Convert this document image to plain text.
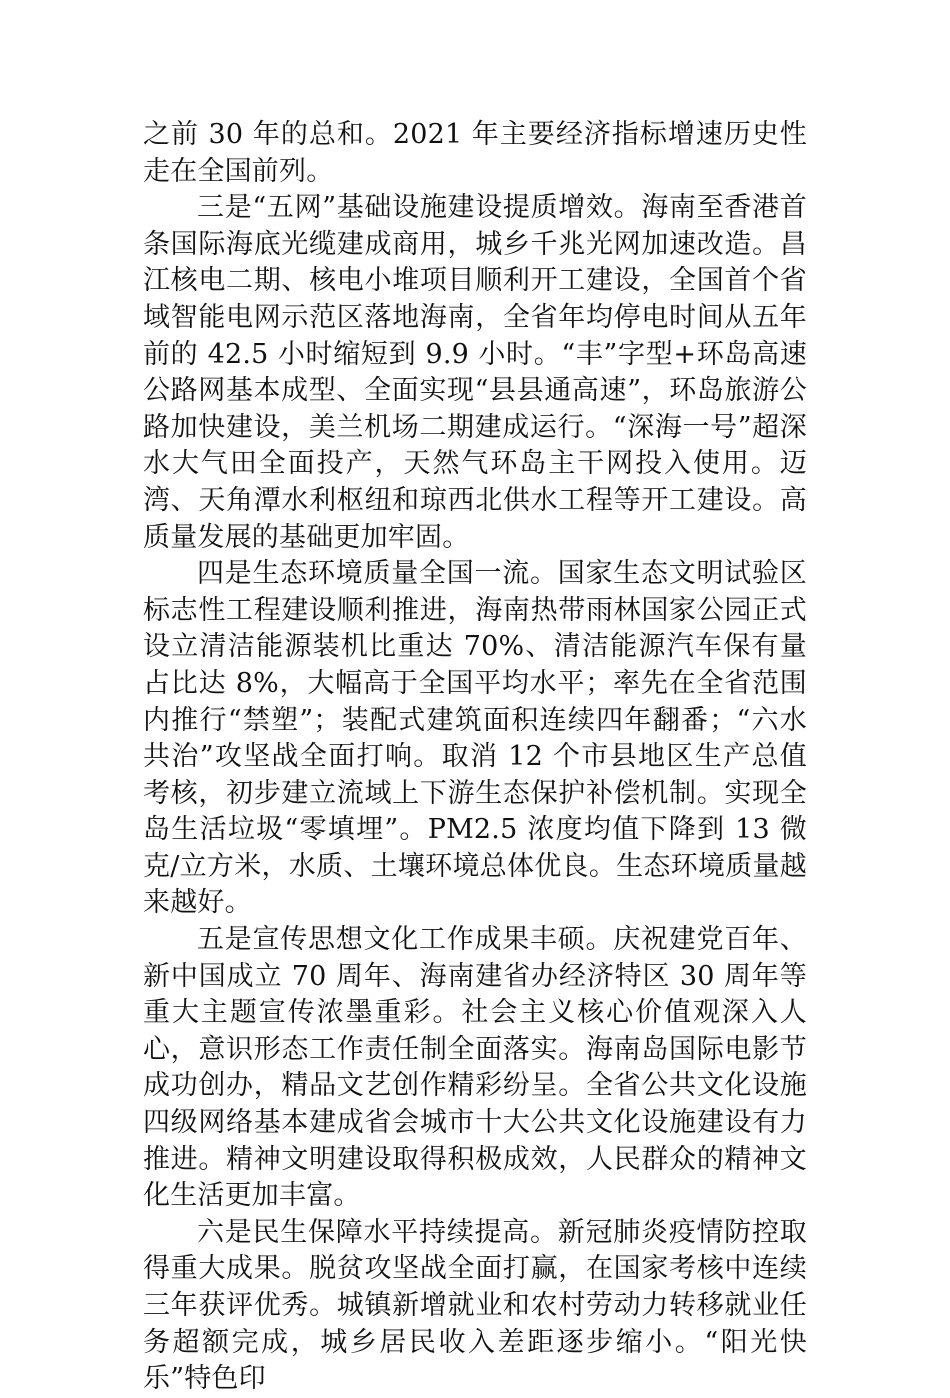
之前 30 年的总和。2021 年主要经济指标增速历史性走在全国前列。

三是“五网”基础设施建设提质增效。海南至香港首条国际海底光缆建成商用，城乡千兆光网加速改造。昌江核电二期、核电小堆项目顺利开工建设，全国首个省域智能电网示范区落地海南，全省年均停电时间从五年前的 42.5 小时缩短到 9.9 小时。“丰”字型+环岛高速公路网基本成型、全面实现“县县通高速”，环岛旅游公路加快建设，美兰机场二期建成运行。“深海一号”超深水大气田全面投产，天然气环岛主干网投入使用。迈湾、天角潭水利枢纽和琼西北供水工程等开工建设。高质量发展的基础更加牢固。

四是生态环境质量全国一流。国家生态文明试验区标志性工程建设顺利推进，海南热带雨林国家公园正式设立清洁能源装机比重达 70%、清洁能源汽车保有量占比达 8%，大幅高于全国平均水平；率先在全省范围内推行“禁塑”；装配式建筑面积连续四年翻番；“六水共治”攻坚战全面打响。取消 12 个市县地区生产总值考核，初步建立流域上下游生态保护补偿机制。实现全岛生活垃圾“零填埋”。PM2.5 浓度均值下降到 13 微克/立方米，水质、土壤环境总体优良。生态环境质量越来越好。

五是宣传思想文化工作成果丰硕。庆祝建党百年、新中国成立 70 周年、海南建省办经济特区 30 周年等重大主题宣传浓墨重彩。社会主义核心价值观深入人心，意识形态工作责任制全面落实。海南岛国际电影节成功创办，精品文艺创作精彩纷呈。全省公共文化设施四级网络基本建成省会城市十大公共文化设施建设有力推进。精神文明建设取得积极成效，人民群众的精神文化生活更加丰富。

六是民生保障水平持续提高。新冠肺炎疫情防控取得重大成果。脱贫攻坚战全面打赢，在国家考核中连续三年获评优秀。城镇新增就业和农村劳动力转移就业任务超额完成，城乡居民收入差距逐步缩小。“阳光快乐”特色印
